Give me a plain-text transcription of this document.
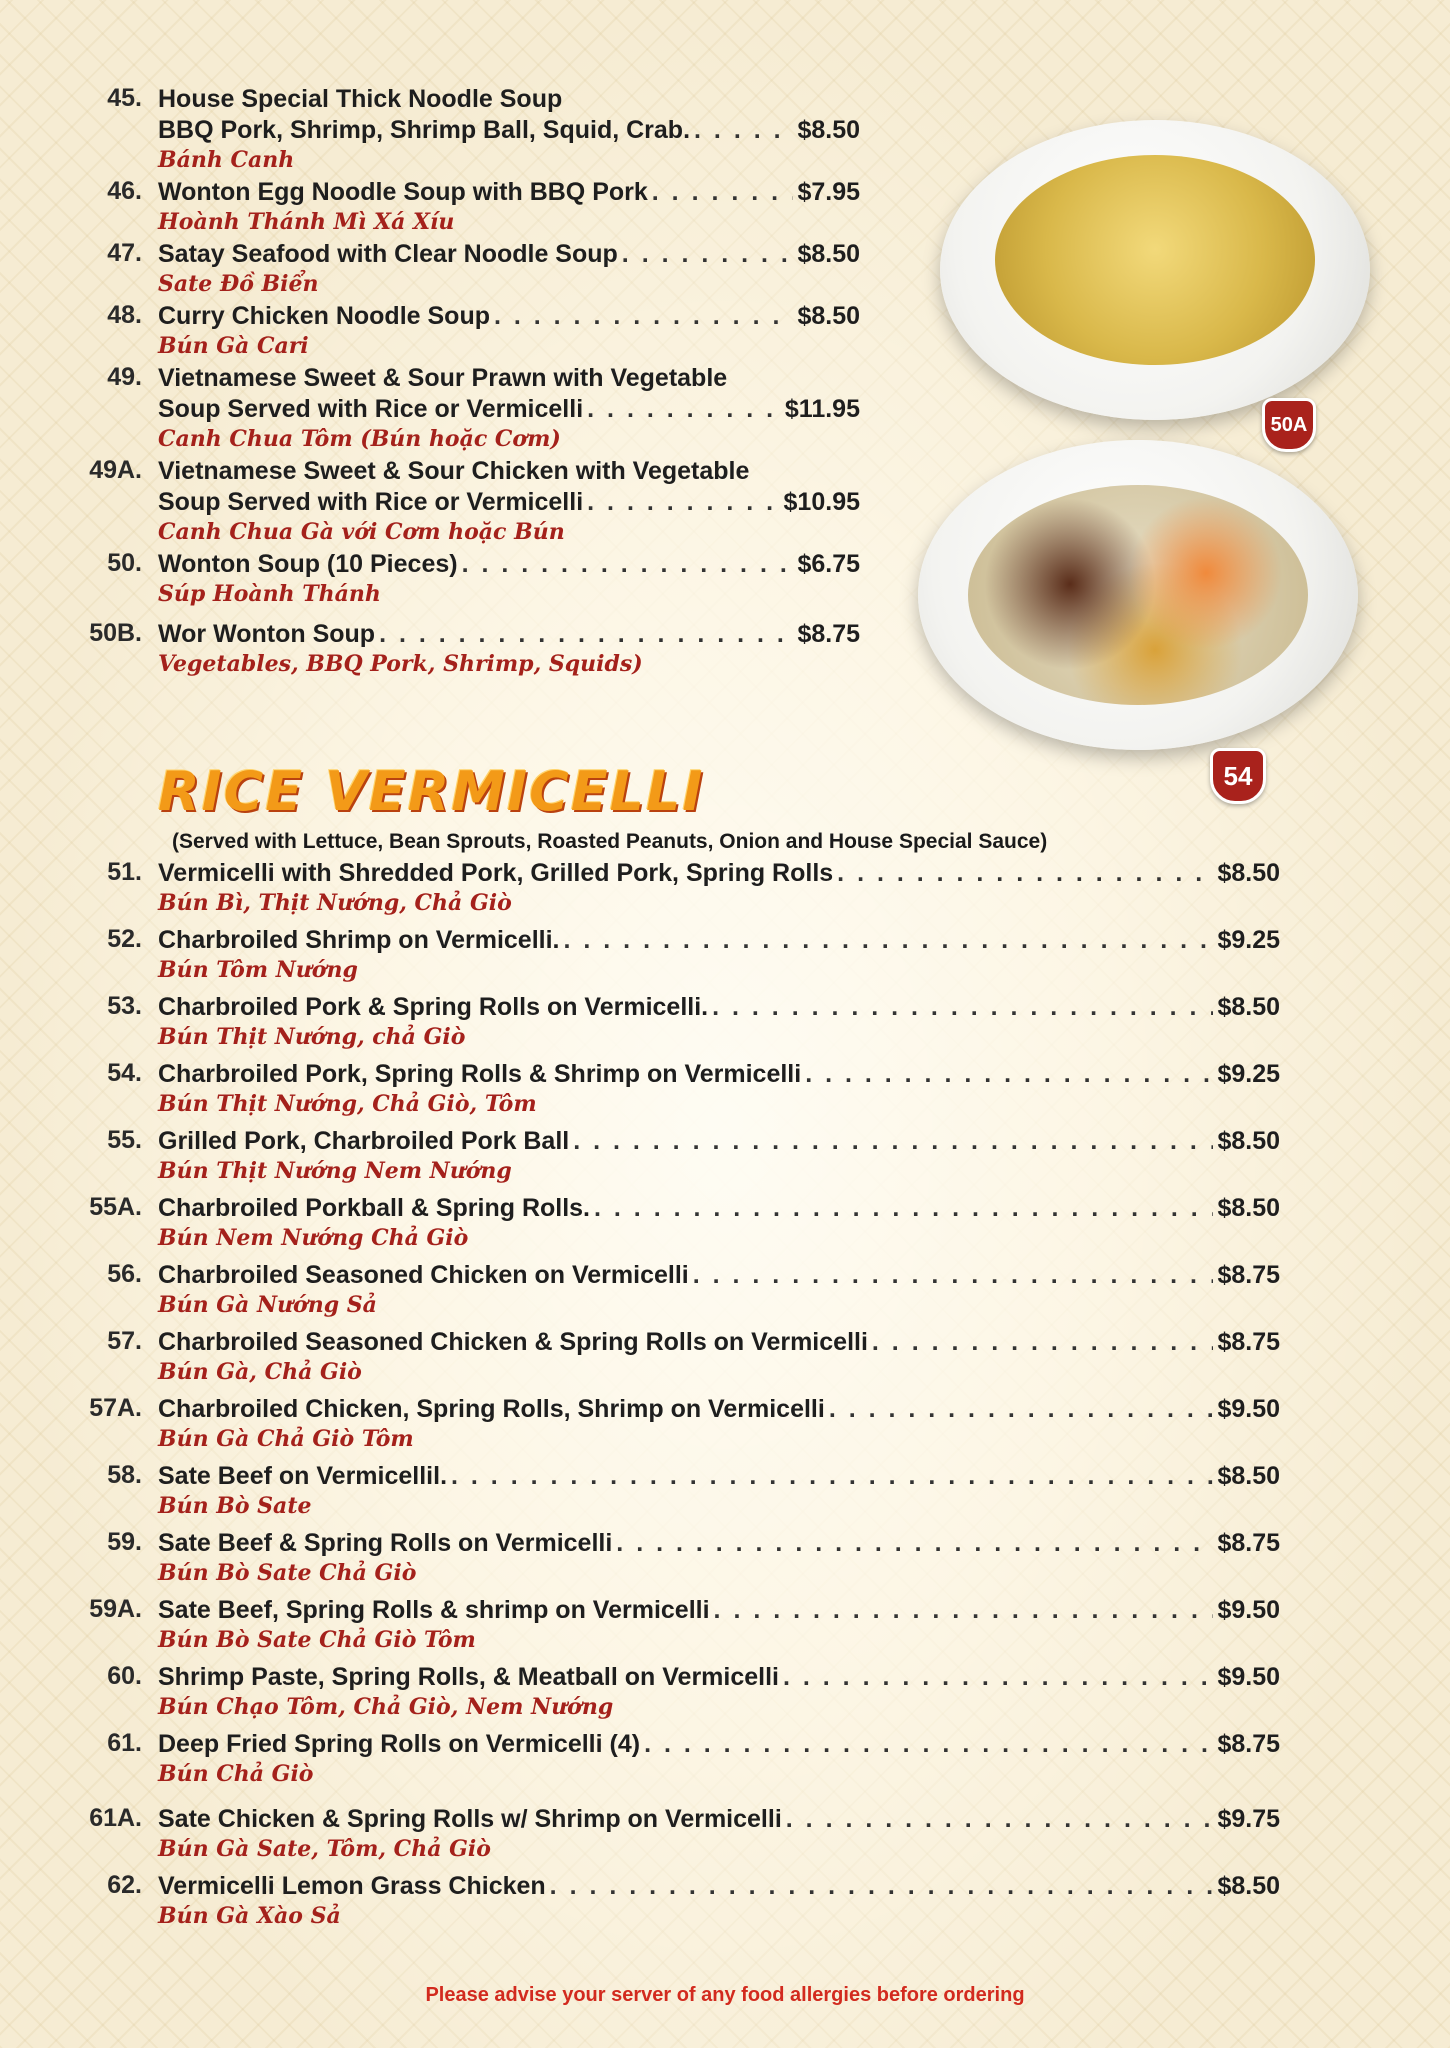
45. House Special Thick Noodle Soup
BBQ Pork, Shrimp, Shrimp Ball, Squid, Crab. . . .	$8.50
Bánh Canh
46. Wonton Egg Noodle Soup with BBQ Pork . . .	$7.95
Hoành Thánh Mì Xá Xíu
47. Satay Seafood with Clear Noodle Soup . . .	$8.50
Sate Đồ Biển
48. Curry Chicken Noodle Soup . . .	$8.50
Bún Gà Cari
49. Vietnamese Sweet & Sour Prawn with Vegetable
Soup Served with Rice or Vermicelli . . .	$11.95
Canh Chua Tôm (Bún hoặc Cơm)
49A. Vietnamese Sweet & Sour Chicken with Vegetable
Soup Served with Rice or Vermicelli . . .	$10.95
Canh Chua Gà với Cơm hoặc Bún
50. Wonton Soup (10 Pieces) . . .	$6.75
Súp Hoành Thánh
50B. Wor Wonton Soup . . .	$8.75
Vegetables, BBQ Pork, Shrimp, Squids)
50A
54
RICE VERMICELLI
(Served with Lettuce, Bean Sprouts, Roasted Peanuts, Onion and House Special Sauce)
51. Vermicelli with Shredded Pork, Grilled Pork, Spring Rolls . . .	$8.50
Bún Bì, Thịt Nướng, Chả Giò
52. Charbroiled Shrimp on Vermicelli. . . .	$9.25
Bún Tôm Nướng
53. Charbroiled Pork & Spring Rolls on Vermicelli. . . .	$8.50
Bún Thịt Nướng, chả Giò
54. Charbroiled Pork, Spring Rolls & Shrimp on Vermicelli . . .	$9.25
Bún Thịt Nướng, Chả Giò, Tôm
55. Grilled Pork, Charbroiled Pork Ball . . .	$8.50
Bún Thịt Nướng Nem Nướng
55A. Charbroiled Porkball & Spring Rolls. . . .	$8.50
Bún Nem Nướng Chả Giò
56. Charbroiled Seasoned Chicken on Vermicelli . . .	$8.75
Bún Gà Nướng Sả
57. Charbroiled Seasoned Chicken & Spring Rolls on Vermicelli . . .	$8.75
Bún Gà, Chả Giò
57A. Charbroiled Chicken, Spring Rolls, Shrimp on Vermicelli . . .	$9.50
Bún Gà Chả Giò Tôm
58. Sate Beef on Vermicellil. . . .	$8.50
Bún Bò Sate
59. Sate Beef & Spring Rolls on Vermicelli . . .	$8.75
Bún Bò Sate Chả Giò
59A. Sate Beef, Spring Rolls & shrimp on Vermicelli . . .	$9.50
Bún Bò Sate Chả Giò Tôm
60. Shrimp Paste, Spring Rolls, & Meatball on Vermicelli . . .	$9.50
Bún Chạo Tôm, Chả Giò, Nem Nướng
61. Deep Fried Spring Rolls on Vermicelli (4) . . .	$8.75
Bún Chả Giò
61A. Sate Chicken & Spring Rolls w/ Shrimp on Vermicelli . . .	$9.75
Bún Gà Sate, Tôm, Chả Giò
62. Vermicelli Lemon Grass Chicken . . .	$8.50
Bún Gà Xào Sả
Please advise your server of any food allergies before ordering
